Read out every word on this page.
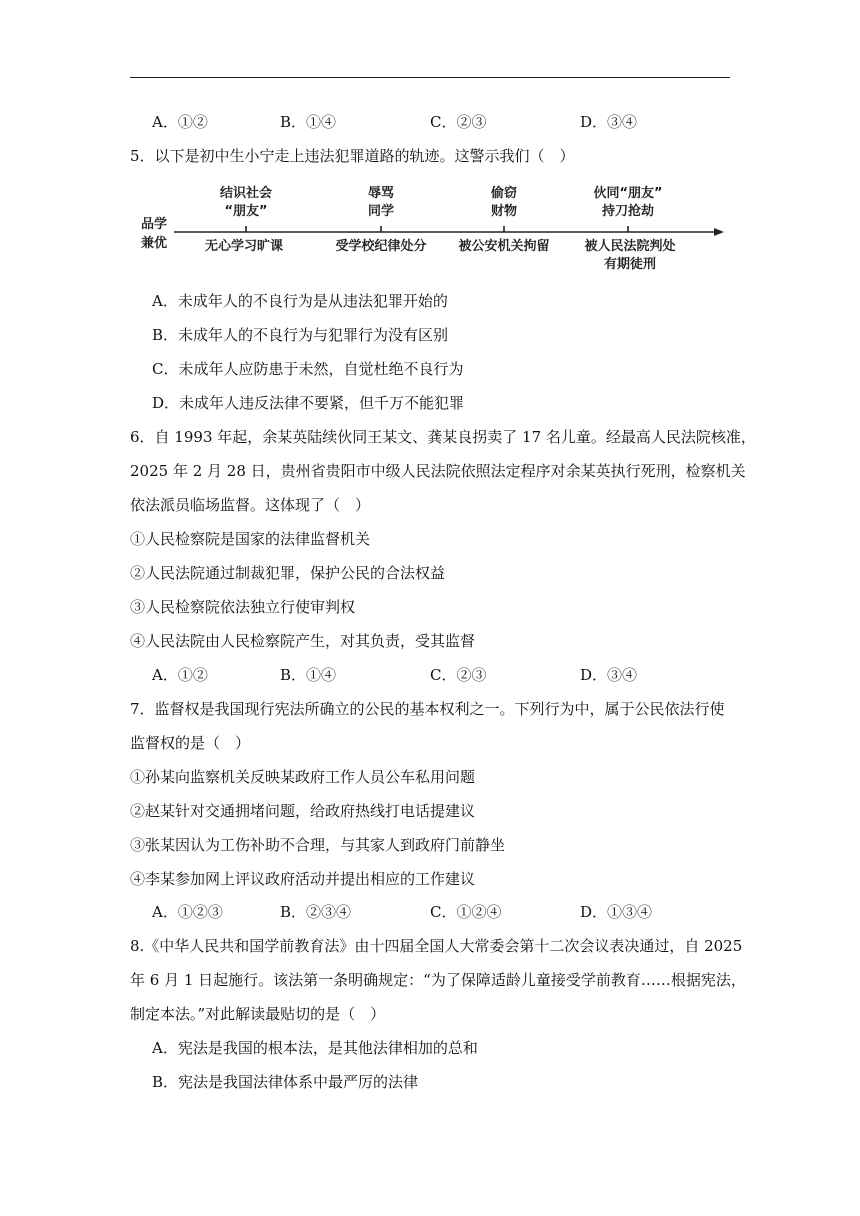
A．①②	B．①④	C．②③	D．③④
5．以下是初中生小宁走上违法犯罪道路的轨迹。这警示我们（　）
品学
兼优
结识社会
“朋友”
辱骂
同学
偷窃
财物
伙同“朋友”
持刀抢劫
无心学习旷课	受学校纪律处分 被公安机关拘留	被人民法院判处
有期徒刑
A．未成年人的不良行为是从违法犯罪开始的
B．未成年人的不良行为与犯罪行为没有区别
C．未成年人应防患于未然，自觉杜绝不良行为
D．未成年人违反法律不要紧，但千万不能犯罪
6．自 1993 年起，余某英陆续伙同王某文、龚某良拐卖了 17 名儿童。经最高人民法院核准，
2025 年 2 月 28 日，贵州省贵阳市中级人民法院依照法定程序对余某英执行死刑，检察机关
依法派员临场监督。这体现了（　）
①人民检察院是国家的法律监督机关
②人民法院通过制裁犯罪，保护公民的合法权益
③人民检察院依法独立行使审判权
④人民法院由人民检察院产生，对其负责，受其监督
A．①②	B．①④	C．②③	D．③④
7．监督权是我国现行宪法所确立的公民的基本权利之一。下列行为中，属于公民依法行使
监督权的是（　）
①孙某向监察机关反映某政府工作人员公车私用问题
②赵某针对交通拥堵问题，给政府热线打电话提建议
③张某因认为工伤补助不合理，与其家人到政府门前静坐
④李某参加网上评议政府活动并提出相应的工作建议
A．①②③	B．②③④	C．①②④	D．①③④
8.《中华人民共和国学前教育法》由十四届全国人大常委会第十二次会议表决通过，自 2025
年 6 月 1 日起施行。该法第一条明确规定：“为了保障适龄儿童接受学前教育……根据宪法，
制定本法。”对此解读最贴切的是（　）
A．宪法是我国的根本法，是其他法律相加的总和
B．宪法是我国法律体系中最严厉的法律
